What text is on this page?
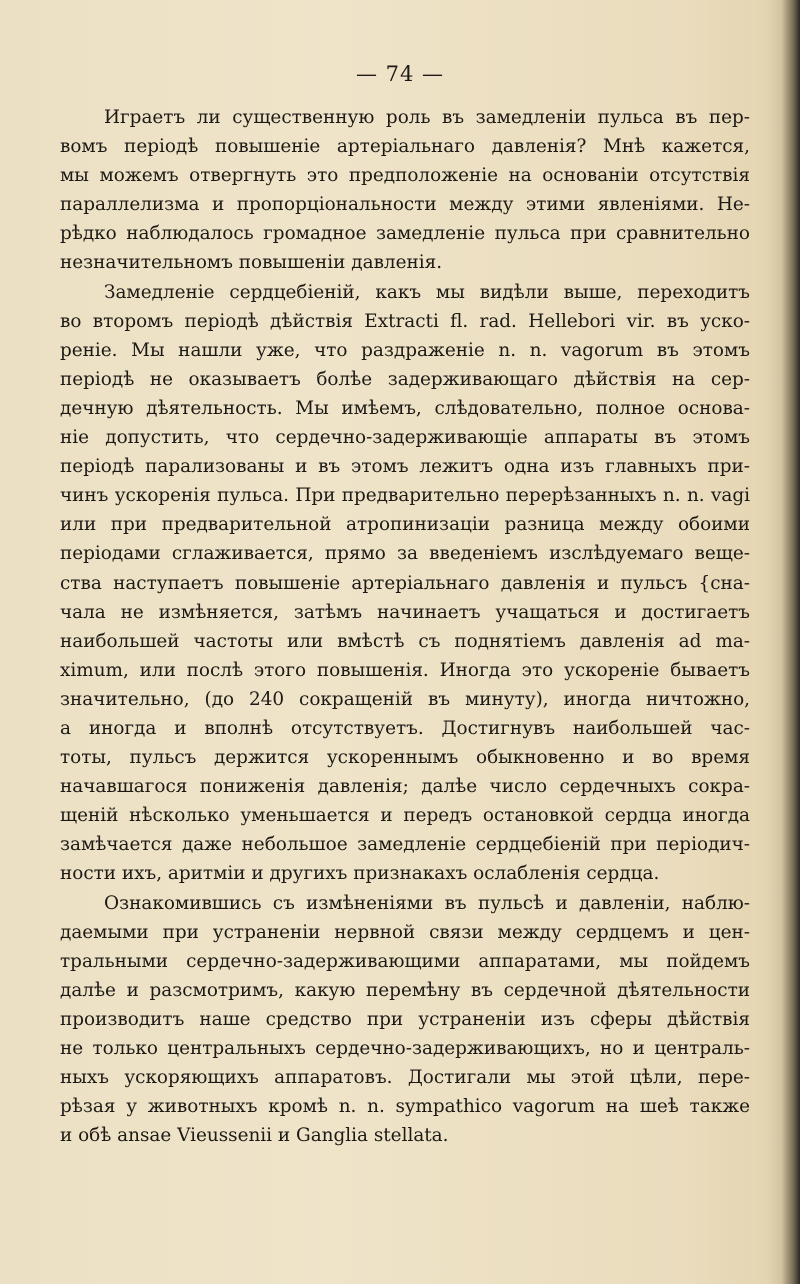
— 74 —
Играетъ ли существенную роль въ замедленіи пульса въ пер-
вомъ періодѣ повышеніе артеріальнаго давленія? Мнѣ кажется,
мы можемъ отвергнуть это предположеніе на основаніи отсутствія
параллелизма и пропорціональности между этими явленіями. Не-
рѣдко наблюдалось громадное замедленіе пульса при сравнительно
незначительномъ повышеніи давленія.
Замедленіе сердцебіеній, какъ мы видѣли выше, переходитъ
во второмъ періодѣ дѣйствія Extracti fl. rad. Hellebori vir. въ уско-
реніе. Мы нашли уже, что раздраженіе n. n. vagorum въ этомъ
періодѣ не оказываетъ болѣе задерживающаго дѣйствія на сер-
дечную дѣятельность. Мы имѣемъ, слѣдовательно, полное основа-
ніе допустить, что сердечно-задерживающіе аппараты въ этомъ
періодѣ парализованы и въ этомъ лежитъ одна изъ главныхъ при-
чинъ ускоренія пульса. При предварительно перерѣзанныхъ n. n. vagi
или при предварительной атропинизаціи разница между обоими
періодами сглаживается, прямо за введеніемъ изслѣдуемаго веще-
ства наступаетъ повышеніе артеріальнаго давленія и пульсъ {сна-
чала не измѣняется, затѣмъ начинаетъ учащаться и достигаетъ
наибольшей частоты или вмѣстѣ съ поднятіемъ давленія ad ma-
ximum, или послѣ этого повышенія. Иногда это ускореніе бываетъ
значительно, (до 240 сокращеній въ минуту), иногда ничтожно,
а иногда и вполнѣ отсутствуетъ. Достигнувъ наибольшей час-
тоты, пульсъ держится ускореннымъ обыкновенно и во время
начавшагося пониженія давленія; далѣе число сердечныхъ сокра-
щеній нѣсколько уменьшается и передъ остановкой сердца иногда
замѣчается даже небольшое замедленіе сердцебіеній при періодич-
ности ихъ, аритміи и другихъ признакахъ ослабленія сердца.
Ознакомившись съ измѣненіями въ пульсѣ и давленіи, наблю-
даемыми при устраненіи нервной связи между сердцемъ и цен-
тральными сердечно-задерживающими аппаратами, мы пойдемъ
далѣе и разсмотримъ, какую перемѣну въ сердечной дѣятельности
производитъ наше средство при устраненіи изъ сферы дѣйствія
не только центральныхъ сердечно-задерживающихъ, но и централь-
ныхъ ускоряющихъ аппаратовъ. Достигали мы этой цѣли, пере-
рѣзая у животныхъ кромѣ n. n. sympathico vagorum на шеѣ также
и обѣ ansae Vieussenii и Ganglia stellata.
